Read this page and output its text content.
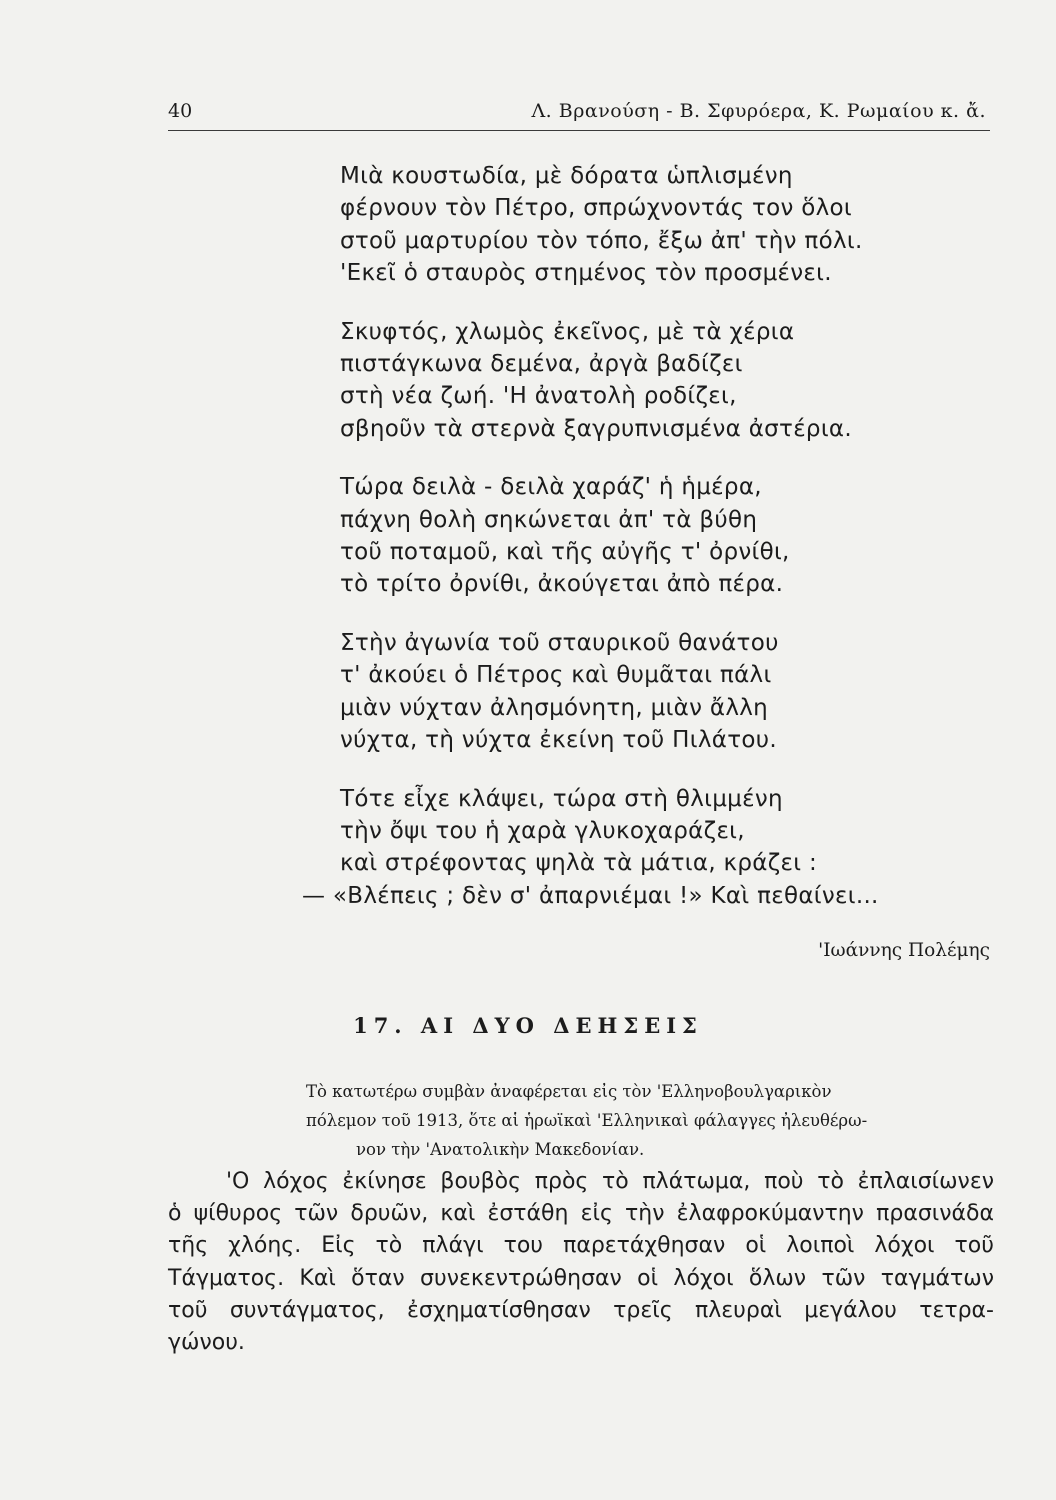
40	Λ. Βρανούση - Β. Σφυρόερα, Κ. Ρωμαίου κ. ἄ.
Μιὰ κουστωδία, μὲ δόρατα ὡπλισμένη
φέρνουν τὸν Πέτρο, σπρώχνοντάς τον ὅλοι
στοῦ μαρτυρίου τὸν τόπο, ἔξω ἀπ' τὴν πόλι.
'Εκεῖ ὁ σταυρὸς στημένος τὸν προσμένει.
Σκυφτός, χλωμὸς ἐκεῖνος, μὲ τὰ χέρια
πιστάγκωνα δεμένα, ἀργὰ βαδίζει
στὴ νέα ζωή. 'Η ἀνατολὴ ροδίζει,
σβηοῦν τὰ στερνὰ ξαγρυπνισμένα ἀστέρια.
Τώρα δειλὰ - δειλὰ χαράζ' ἡ ἡμέρα,
πάχνη θολὴ σηκώνεται ἀπ' τὰ βύθη
τοῦ ποταμοῦ, καὶ τῆς αὐγῆς τ' ὀρνίθι,
τὸ τρίτο ὀρνίθι, ἀκούγεται ἀπὸ πέρα.
Στὴν ἀγωνία τοῦ σταυρικοῦ θανάτου
τ' ἀκούει ὁ Πέτρος καὶ θυμᾶται πάλι
μιὰν νύχταν ἀλησμόνητη, μιὰν ἄλλη
νύχτα, τὴ νύχτα ἐκείνη τοῦ Πιλάτου.
Τότε εἶχε κλάψει, τώρα στὴ θλιμμένη
τὴν ὄψι του ἡ χαρὰ γλυκοχαράζει,
καὶ στρέφοντας ψηλὰ τὰ μάτια, κράζει :
— «Βλέπεις ; δὲν σ' ἀπαρνιέμαι !» Καὶ πεθαίνει...
'Ιωάννης Πολέμης
17. ΑΙ ΔΥΟ ΔΕΗΣΕΙΣ
Τὸ κατωτέρω συμβὰν ἀναφέρεται εἰς τὸν 'Ελληνοβουλγαρικὸν
πόλεμον τοῦ 1913, ὅτε αἱ ἡρωϊκαὶ 'Ελληνικαὶ φάλαγγες ἠλευθέρω-
νον τὴν 'Ανατολικὴν Μακεδονίαν.
'Ο λόχος ἐκίνησε βουβὸς πρὸς τὸ πλάτωμα, ποὺ τὸ ἐπλαισίωνεν
ὁ ψίθυρος τῶν δρυῶν, καὶ ἐστάθη εἰς τὴν ἐλαφροκύμαντην πρασινάδα
τῆς χλόης. Εἰς τὸ πλάγι του παρετάχθησαν οἱ λοιποὶ λόχοι τοῦ
Τάγματος. Καὶ ὅταν συνεκεντρώθησαν οἱ λόχοι ὅλων τῶν ταγμάτων
τοῦ συντάγματος, ἐσχηματίσθησαν τρεῖς πλευραὶ μεγάλου τετρα-
γώνου.
